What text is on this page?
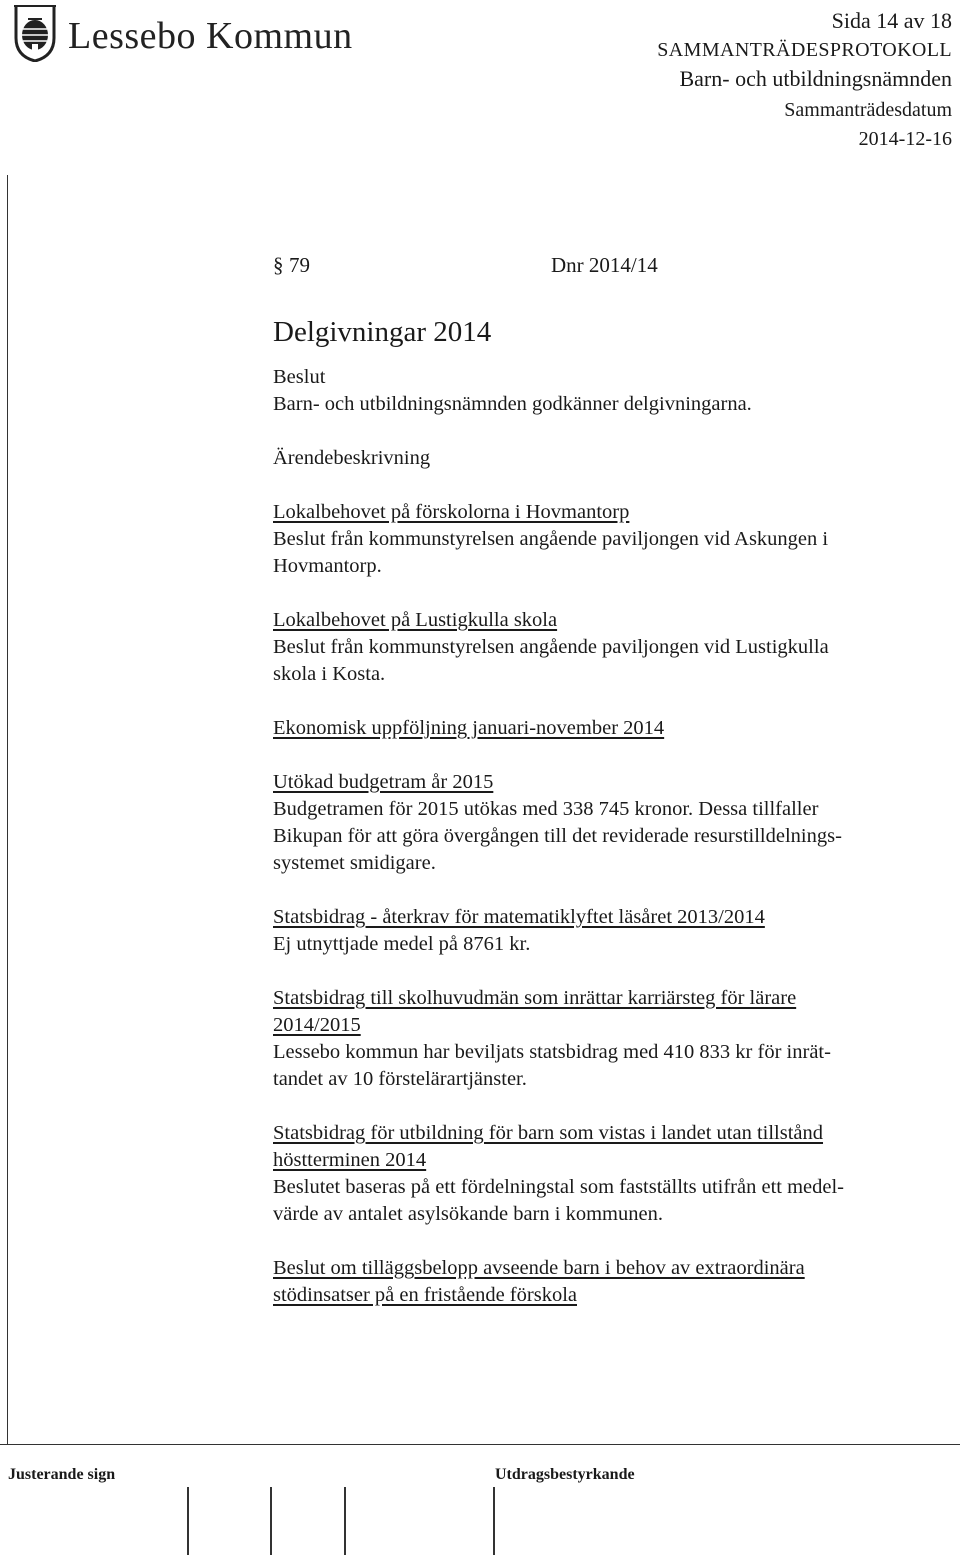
Lessebo Kommun	Sida 14 av 18
SAMMANTRÄDESPROTOKOLL
Barn- och utbildningsnämnden
Sammanträdesdatum
2014-12-16
§ 79	Dnr 2014/14
Delgivningar 2014

Beslut

Barn- och utbildningsnämnden godkänner delgivningarna.

Ärendebeskrivning

Lokalbehovet på förskolorna i Hovmantorp

Beslut från kommunstyrelsen angående paviljongen vid Askungen i

Hovmantorp.

Lokalbehovet på Lustigkulla skola

Beslut från kommunstyrelsen angående paviljongen vid Lustigkulla

skola i Kosta.

Ekonomisk uppföljning januari-november 2014

Utökad budgetram år 2015

Budgetramen för 2015 utökas med 338 745 kronor. Dessa tillfaller

Bikupan för att göra övergången till det reviderade resurstilldelnings-

systemet smidigare.

Statsbidrag - återkrav för matematiklyftet läsåret 2013/2014

Ej utnyttjade medel på 8761 kr.

Statsbidrag till skolhuvudmän som inrättar karriärsteg för lärare

2014/2015

Lessebo kommun har beviljats statsbidrag med 410 833 kr för inrät-

tandet av 10 förstelärartjänster.

Statsbidrag för utbildning för barn som vistas i landet utan tillstånd

höstterminen 2014

Beslutet baseras på ett fördelningstal som fastställts utifrån ett medel-

värde av antalet asylsökande barn i kommunen.

Beslut om tilläggsbelopp avseende barn i behov av extraordinära

stödinsatser på en fristående förskola

Justerande sign	Utdragsbestyrkande
